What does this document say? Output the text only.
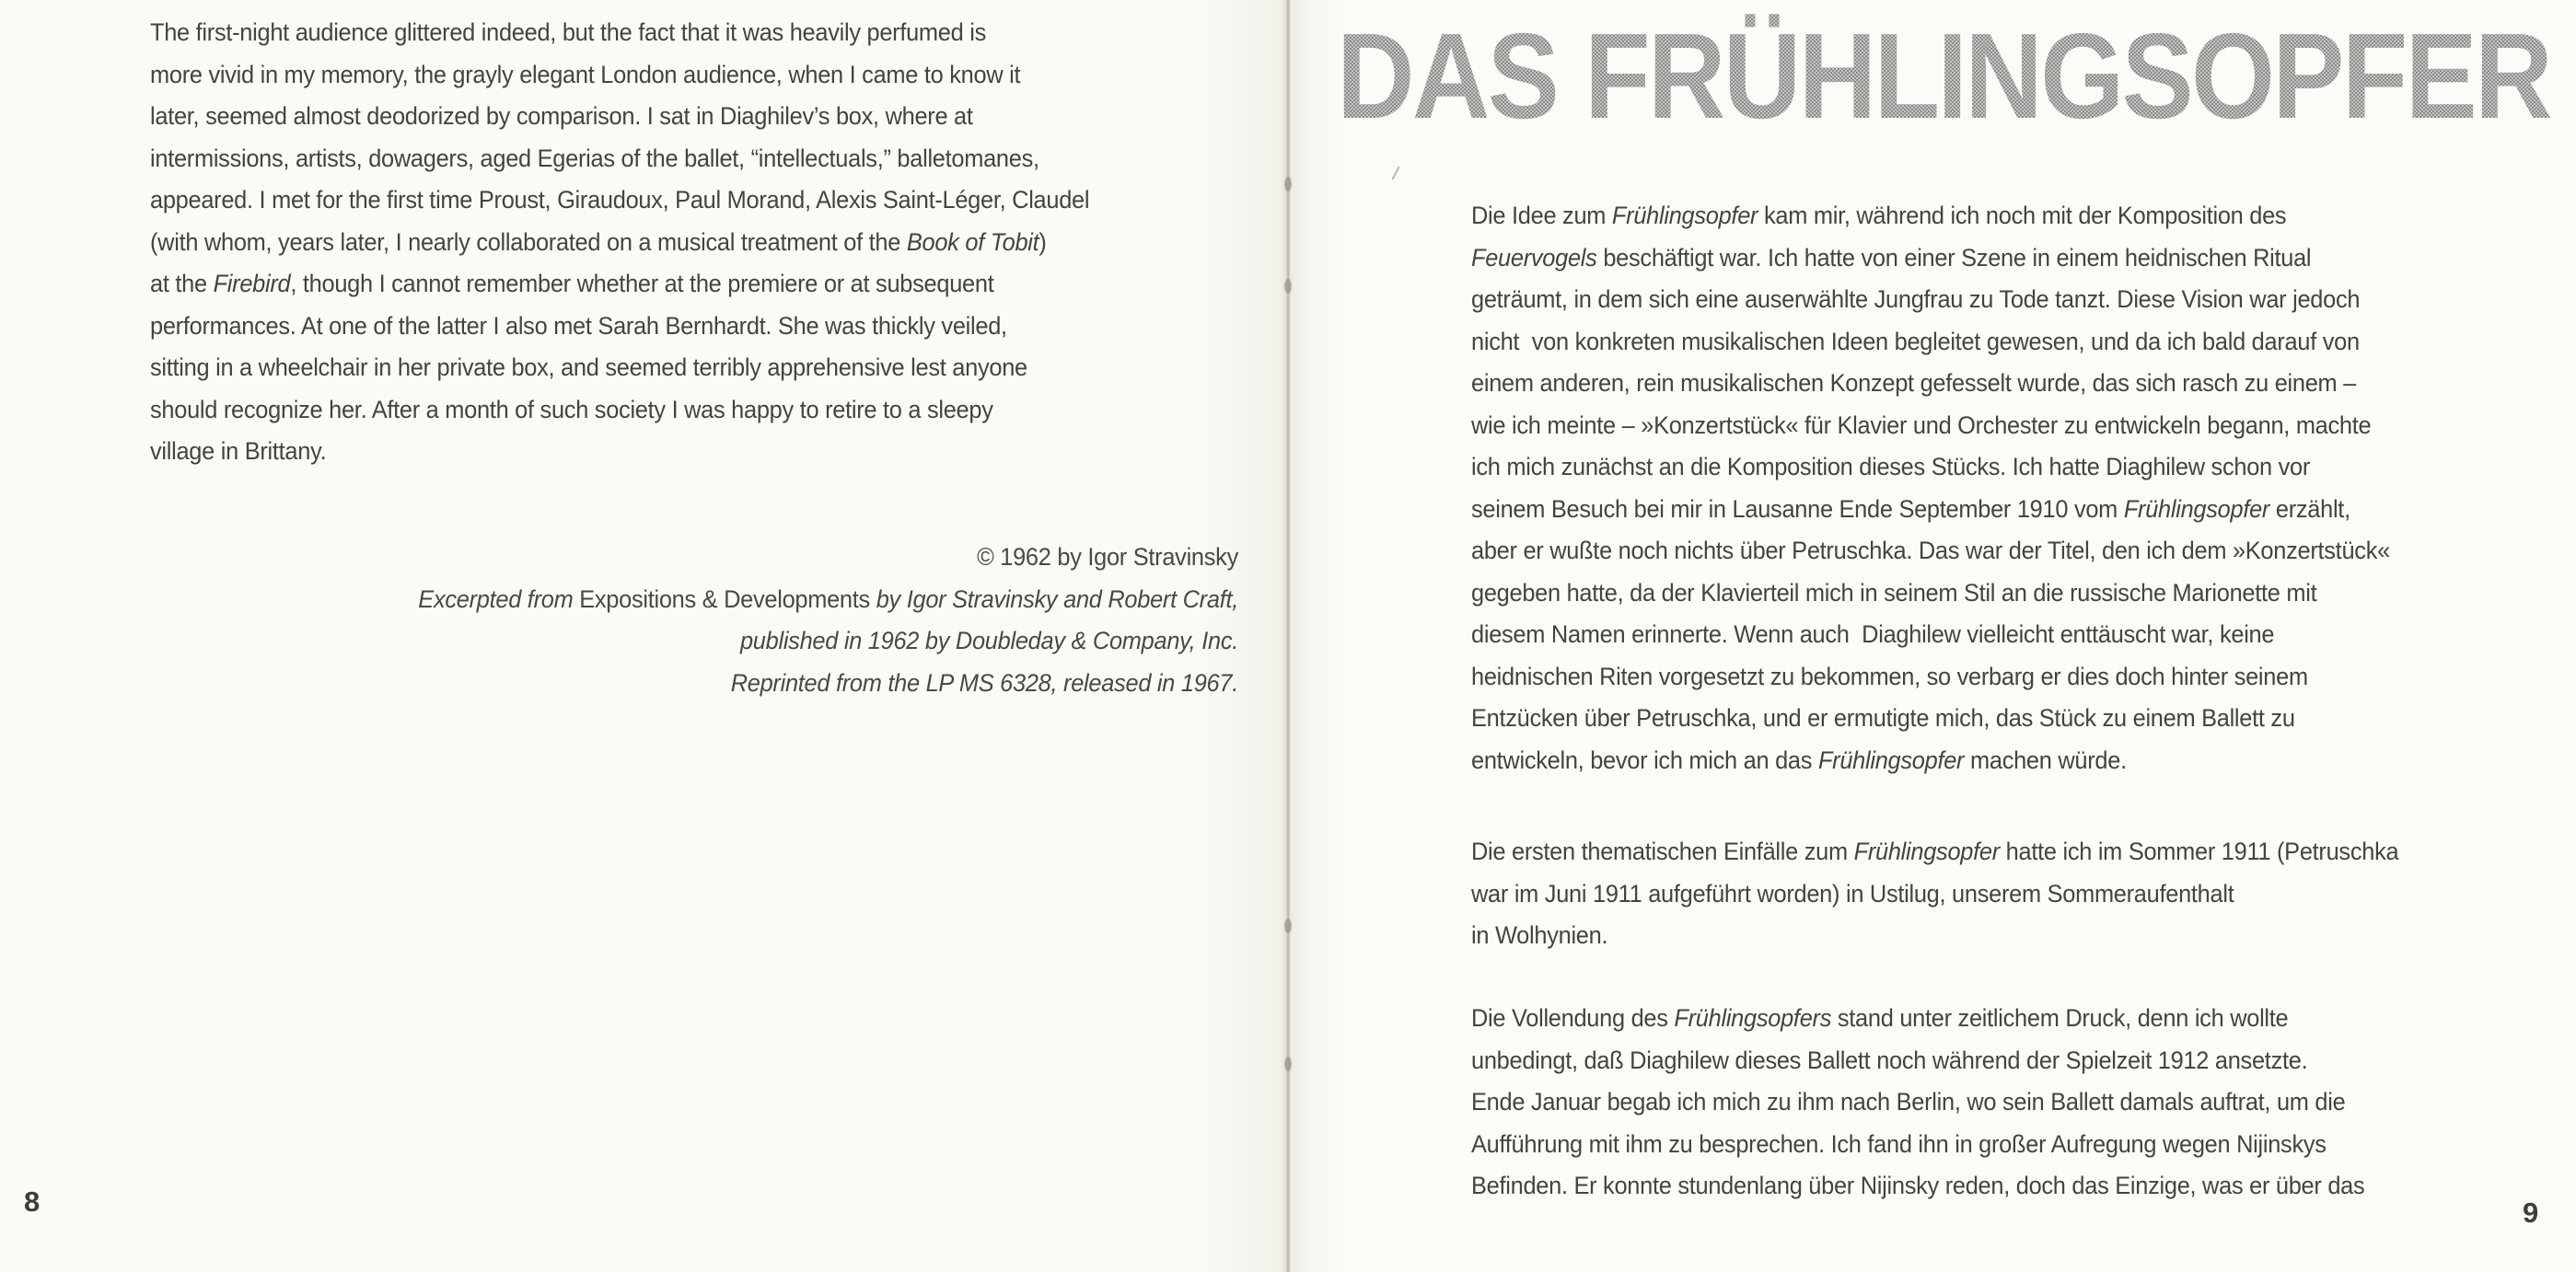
The first-night audience glittered indeed, but the fact that it was heavily perfumed is
more vivid in my memory, the grayly elegant London audience, when I came to know it
later, seemed almost deodorized by comparison. I sat in Diaghilev’s box, where at
intermissions, artists, dowagers, aged Egerias of the ballet, “intellectuals,” balletomanes,
appeared. I met for the first time Proust, Giraudoux, Paul Morand, Alexis Saint-Léger, Claudel
(with whom, years later, I nearly collaborated on a musical treatment of the Book of Tobit)
at the Firebird, though I cannot remember whether at the premiere or at subsequent
performances. At one of the latter I also met Sarah Bernhardt. She was thickly veiled,
sitting in a wheelchair in her private box, and seemed terribly apprehensive lest anyone
should recognize her. After a month of such society I was happy to retire to a sleepy
village in Brittany.
© 1962 by Igor Stravinsky
Excerpted from Expositions & Developments by Igor Stravinsky and Robert Craft,
published in 1962 by Doubleday & Company, Inc.
Reprinted from the LP MS 6328, released in 1967.
8
DAS FRÜHLINGSOPFER
Die Idee zum Frühlingsopfer kam mir, während ich noch mit der Komposition des
Feuervogels beschäftigt war. Ich hatte von einer Szene in einem heidnischen Ritual
geträumt, in dem sich eine auserwählte Jungfrau zu Tode tanzt. Diese Vision war jedoch
nicht  von konkreten musikalischen Ideen begleitet gewesen, und da ich bald darauf von
einem anderen, rein musikalischen Konzept gefesselt wurde, das sich rasch zu einem –
wie ich meinte – »Konzertstück« für Klavier und Orchester zu entwickeln begann, machte
ich mich zunächst an die Komposition dieses Stücks. Ich hatte Diaghilew schon vor
seinem Besuch bei mir in Lausanne Ende September 1910 vom Frühlingsopfer erzählt,
aber er wußte noch nichts über Petruschka. Das war der Titel, den ich dem »Konzertstück«
gegeben hatte, da der Klavierteil mich in seinem Stil an die russische Marionette mit
diesem Namen erinnerte. Wenn auch  Diaghilew vielleicht enttäuscht war, keine
heidnischen Riten vorgesetzt zu bekommen, so verbarg er dies doch hinter seinem
Entzücken über Petruschka, und er ermutigte mich, das Stück zu einem Ballett zu
entwickeln, bevor ich mich an das Frühlingsopfer machen würde.
Die ersten thematischen Einfälle zum Frühlingsopfer hatte ich im Sommer 1911 (Petruschka
war im Juni 1911 aufgeführt worden) in Ustilug, unserem Sommeraufenthalt
in Wolhynien.
Die Vollendung des Frühlingsopfers stand unter zeitlichem Druck, denn ich wollte
unbedingt, daß Diaghilew dieses Ballett noch während der Spielzeit 1912 ansetzte.
Ende Januar begab ich mich zu ihm nach Berlin, wo sein Ballett damals auftrat, um die
Aufführung mit ihm zu besprechen. Ich fand ihn in großer Aufregung wegen Nijinskys
Befinden. Er konnte stundenlang über Nijinsky reden, doch das Einzige, was er über das
9
